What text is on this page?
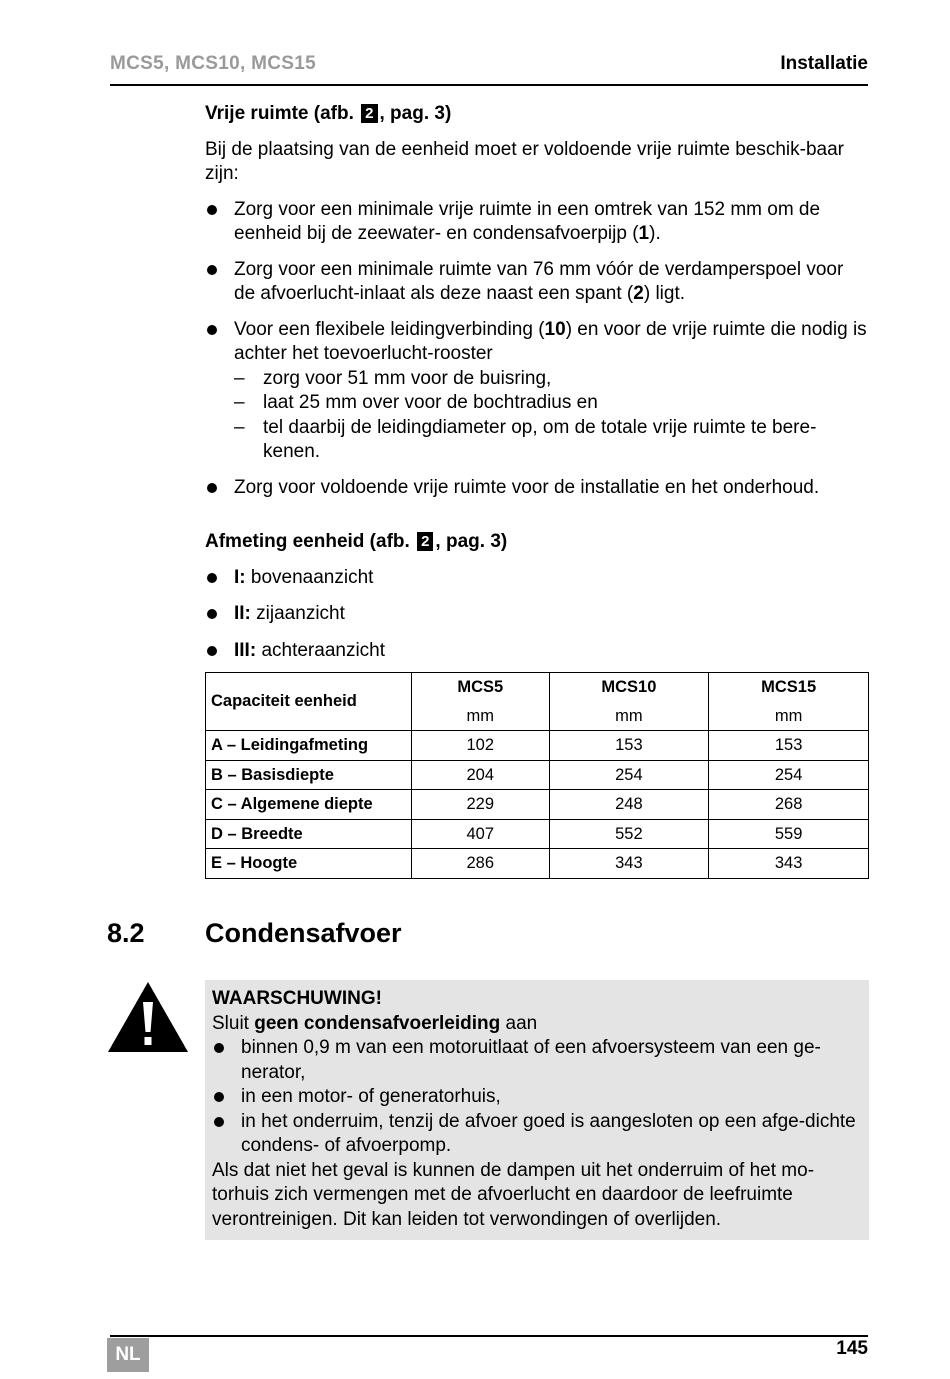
MCS5, MCS10, MCS15	Installatie

Vrije ruimte (afb. 2 , pag. 3)

Bij de plaatsing van de eenheid moet er voldoende vrije ruimte beschik-baar zijn:

Zorg voor een minimale vrije ruimte in een omtrek van 152 mm om de eenheid bij de zeewater- en condensafvoerpijp (1).
Zorg voor een minimale ruimte van 76 mm vóór de verdamperspoel voor de afvoerlucht-inlaat als deze naast een spant (2) ligt.
Voor een flexibele leidingverbinding (10) en voor de vrije ruimte die nodig is achter het toevoerlucht-rooster
– zorg voor 51 mm voor de buisring,
– laat 25 mm over voor de bochtradius en
– tel daarbij de leidingdiameter op, om de totale vrije ruimte te bere-kenen.
Zorg voor voldoende vrije ruimte voor de installatie en het onderhoud.

Afmeting eenheid (afb. 2 , pag. 3)

I: bovenaanzicht
II: zijaanzicht
III: achteraanzicht
Capaciteit eenheid	MCS5	MCS10	MCS15
	mm	mm	mm
A – Leidingafmeting	102	153	153
B – Basisdiepte	204	254	254
C – Algemene diepte	229	248	268
D – Breedte	407	552	559
E – Hoogte	286	343	343
8.2 Condensafvoer
WAARSCHUWING!
Sluit geen condensafvoerleiding aan
binnen 0,9 m van een motoruitlaat of een afvoersysteem van een ge-nerator,
in een motor- of generatorhuis,
in het onderruim, tenzij de afvoer goed is aangesloten op een afge-dichte condens- of afvoerpomp.
Als dat niet het geval is kunnen de dampen uit het onderruim of het mo-torhuis zich vermengen met de afvoerlucht en daardoor de leefruimte verontreinigen. Dit kan leiden tot verwondingen of overlijden.
NL	145
